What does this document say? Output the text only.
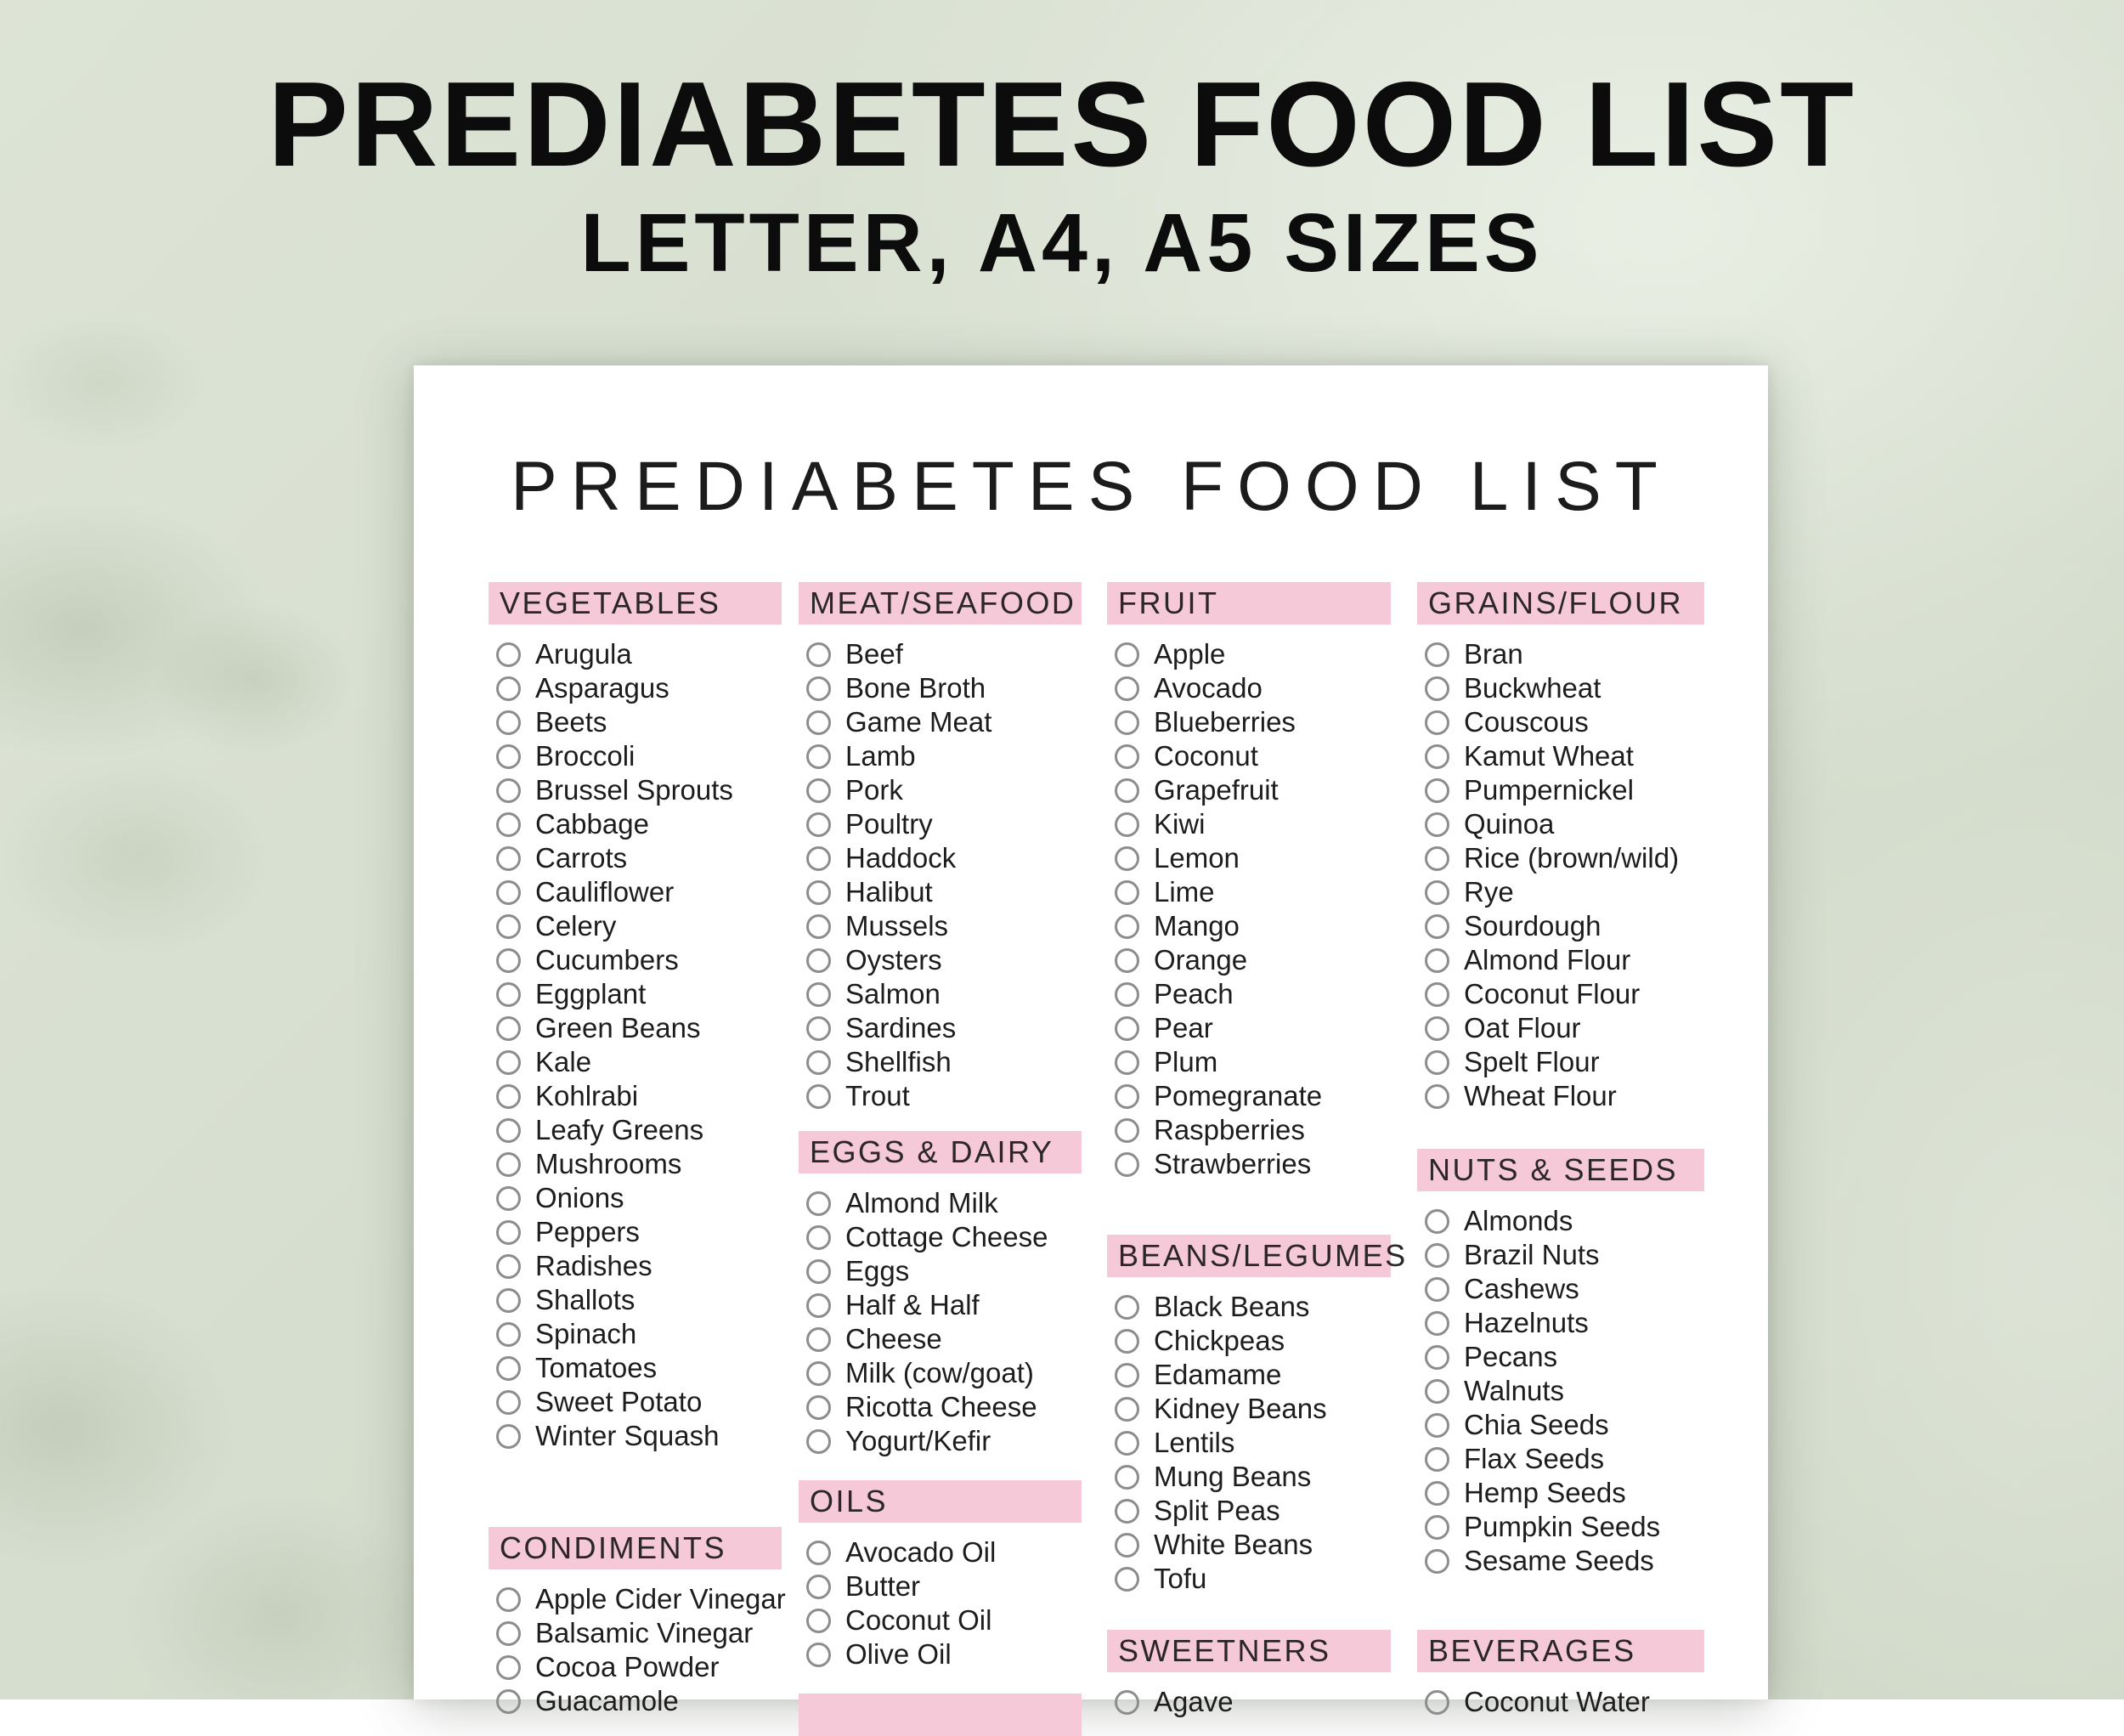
PREDIABETES FOOD LIST
LETTER, A4, A5 SIZES
PREDIABETES FOOD LIST
VEGETABLES
Arugula
Asparagus
Beets
Broccoli
Brussel Sprouts
Cabbage
Carrots
Cauliflower
Celery
Cucumbers
Eggplant
Green Beans
Kale
Kohlrabi
Leafy Greens
Mushrooms
Onions
Peppers
Radishes
Shallots
Spinach
Tomatoes
Sweet Potato
Winter Squash
CONDIMENTS
Apple Cider Vinegar
Balsamic Vinegar
Cocoa Powder
Guacamole
MEAT/SEAFOOD
Beef
Bone Broth
Game Meat
Lamb
Pork
Poultry
Haddock
Halibut
Mussels
Oysters
Salmon
Sardines
Shellfish
Trout
EGGS & DAIRY
Almond Milk
Cottage Cheese
Eggs
Half & Half
Cheese
Milk (cow/goat)
Ricotta Cheese
Yogurt/Kefir
OILS
Avocado Oil
Butter
Coconut Oil
Olive Oil
FRUIT
Apple
Avocado
Blueberries
Coconut
Grapefruit
Kiwi
Lemon
Lime
Mango
Orange
Peach
Pear
Plum
Pomegranate
Raspberries
Strawberries
BEANS/LEGUMES
Black Beans
Chickpeas
Edamame
Kidney Beans
Lentils
Mung Beans
Split Peas
White Beans
Tofu
SWEETNERS
Agave
GRAINS/FLOUR
Bran
Buckwheat
Couscous
Kamut Wheat
Pumpernickel
Quinoa
Rice (brown/wild)
Rye
Sourdough
Almond Flour
Coconut Flour
Oat Flour
Spelt Flour
Wheat Flour
NUTS & SEEDS
Almonds
Brazil Nuts
Cashews
Hazelnuts
Pecans
Walnuts
Chia Seeds
Flax Seeds
Hemp Seeds
Pumpkin Seeds
Sesame Seeds
BEVERAGES
Coconut Water
